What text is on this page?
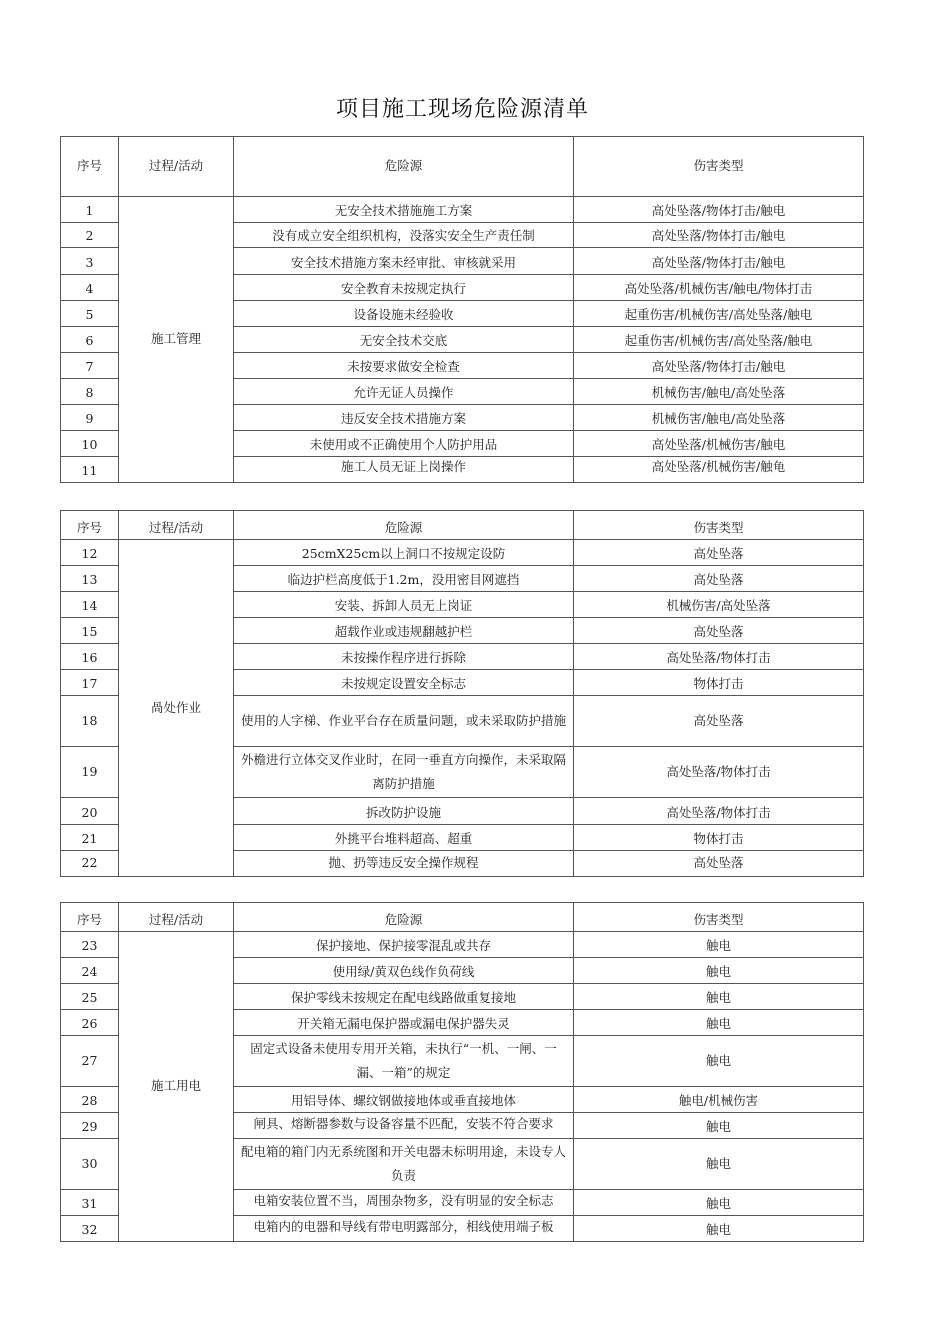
项目施工现场危险源清单
序号	过程/活动	危险源	伤害类型
1	施工管理	无安全技术措施施工方案	高处坠落/物体打击/触电
2		没有成立安全组织机构，没落实安全生产责任制	高处坠落/物体打击/触电
3		安全技术措施方案未经审批、审核就采用	高处坠落/物体打击/触电
4		安全教育未按规定执行	高处坠落/机械伤害/触电/物体打击
5		设备设施未经验收	起重伤害/机械伤害/高处坠落/触电
6		无安全技术交底	起重伤害/机械伤害/高处坠落/触电
7		未按要求做安全检查	高处坠落/物体打击/触电
8		允许无证人员操作	机械伤害/触电/高处坠落
9		违反安全技术措施方案	机械伤害/触电/高处坠落
10		未使用或不正确使用个人防护用品	高处坠落/机械伤害/触电
11		施工人员无证上岗操作	高处坠落/机械伤害/触龟
序号	过程/活动	危险源	伤害类型
12	咼处作业	25cmX25cm以上洞口不按规定设防	高处坠落
13		临边护栏高度低于1.2m，没用密目网遮挡	高处坠落
14		安装、拆卸人员无上岗证	机械伤害/高处坠落
15		超载作业或违规翻越护栏	高处坠落
16		未按操作程序进行拆除	高处坠落/物体打击
17		未按规定设置安全标志	物体打击
18		使用的人字梯、作业平台存在质量问题，或未采取防护措施	高处坠落
19		外檐进行立体交叉作业时，在同一垂直方向操作，未采取隔离防护措施	高处坠落/物体打击
20		拆改防护设施	高处坠落/物体打击
21		外挑平台堆料超高、超重	物体打击
22		抛、扔等违反安全操作规程	高处坠落
序号	过程/活动	危险源	伤害类型
23	施工用电	保护接地、保护接零混乱或共存	触电
24		使用绿/黄双色线作负荷线	触电
25		保护零线未按规定在配电线路做重复接地	触电
26		开关箱无漏电保护器或漏电保护器失灵	触电
27		固定式设备未使用专用开关箱，未执行“一机、一闸、一漏、一箱”的规定	触电
28		用铝导体、螺纹钢做接地体或垂直接地体	触电/机械伤害
29		闸具、熔断器参数与设备容量不匹配，安装不符合要求	触电
30		配电箱的箱门内无系统图和开关电器未标明用途，未设专人负责	触电
31		电箱安装位置不当，周围杂物多，没有明显的安全标志	触电
32		电箱内的电器和导线有带电明露部分，相线使用端子板	触电
